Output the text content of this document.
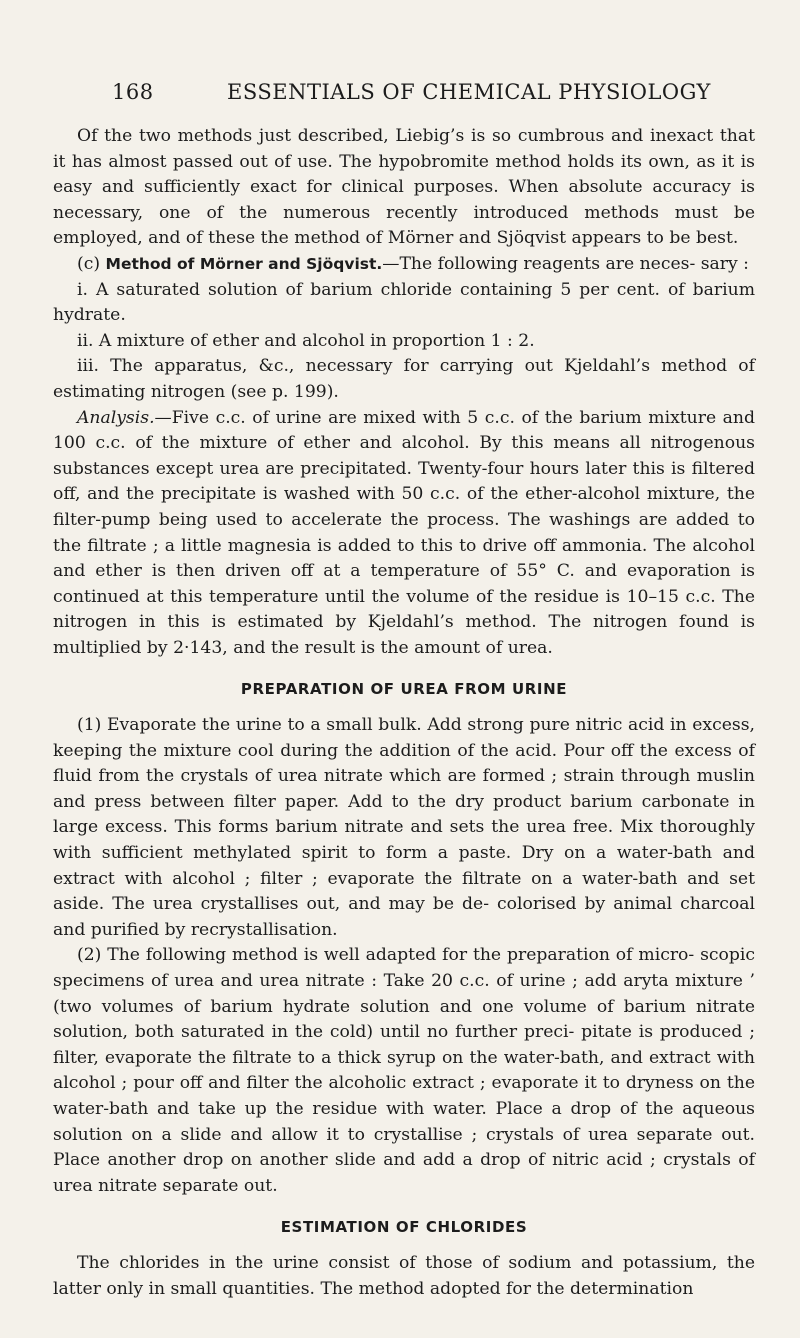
168	ESSENTIALS OF CHEMICAL PHYSIOLOGY

Of the two methods just described, Liebig’s is so cumbrous and inexact that it has almost passed out of use. The hypobromite method holds its own, as it is easy and sufficiently exact for clinical purposes. When absolute accuracy is necessary, one of the numerous recently introduced methods must be employed, and of these the method of Mörner and Sjöqvist appears to be best.

(c) Method of Mörner and Sjöqvist.—The following reagents are neces- sary :

i. A saturated solution of barium chloride containing 5 per cent. of barium hydrate.

ii. A mixture of ether and alcohol in proportion 1 : 2.

iii. The apparatus, &c., necessary for carrying out Kjeldahl’s method of estimating nitrogen (see p. 199).

Analysis.—Five c.c. of urine are mixed with 5 c.c. of the barium mixture and 100 c.c. of the mixture of ether and alcohol. By this means all nitrogenous substances except urea are precipitated. Twenty-four hours later this is filtered off, and the precipitate is washed with 50 c.c. of the ether-alcohol mixture, the filter-pump being used to accelerate the process. The washings are added to the filtrate ; a little magnesia is added to this to drive off ammonia. The alcohol and ether is then driven off at a temperature of 55° C. and evaporation is continued at this temperature until the volume of the residue is 10–15 c.c. The nitrogen in this is estimated by Kjeldahl’s method. The nitrogen found is multiplied by 2·143, and the result is the amount of urea.

PREPARATION OF UREA FROM URINE

(1) Evaporate the urine to a small bulk. Add strong pure nitric acid in excess, keeping the mixture cool during the addition of the acid. Pour off the excess of fluid from the crystals of urea nitrate which are formed ; strain through muslin and press between filter paper. Add to the dry product barium carbonate in large excess. This forms barium nitrate and sets the urea free. Mix thoroughly with sufficient methylated spirit to form a paste. Dry on a water-bath and extract with alcohol ; filter ; evaporate the filtrate on a water-bath and set aside. The urea crystallises out, and may be de- colorised by animal charcoal and purified by recrystallisation.

(2) The following method is well adapted for the preparation of micro- scopic specimens of urea and urea nitrate : Take 20 c.c. of urine ; add aryta mixture ’ (two volumes of barium hydrate solution and one volume of barium nitrate solution, both saturated in the cold) until no further preci- pitate is produced ; filter, evaporate the filtrate to a thick syrup on the water-bath, and extract with alcohol ; pour off and filter the alcoholic extract ; evaporate it to dryness on the water-bath and take up the residue with water. Place a drop of the aqueous solution on a slide and allow it to crystallise ; crystals of urea separate out. Place another drop on another slide and add a drop of nitric acid ; crystals of urea nitrate separate out.

ESTIMATION OF CHLORIDES

The chlorides in the urine consist of those of sodium and potassium, the latter only in small quantities. The method adopted for the determination
